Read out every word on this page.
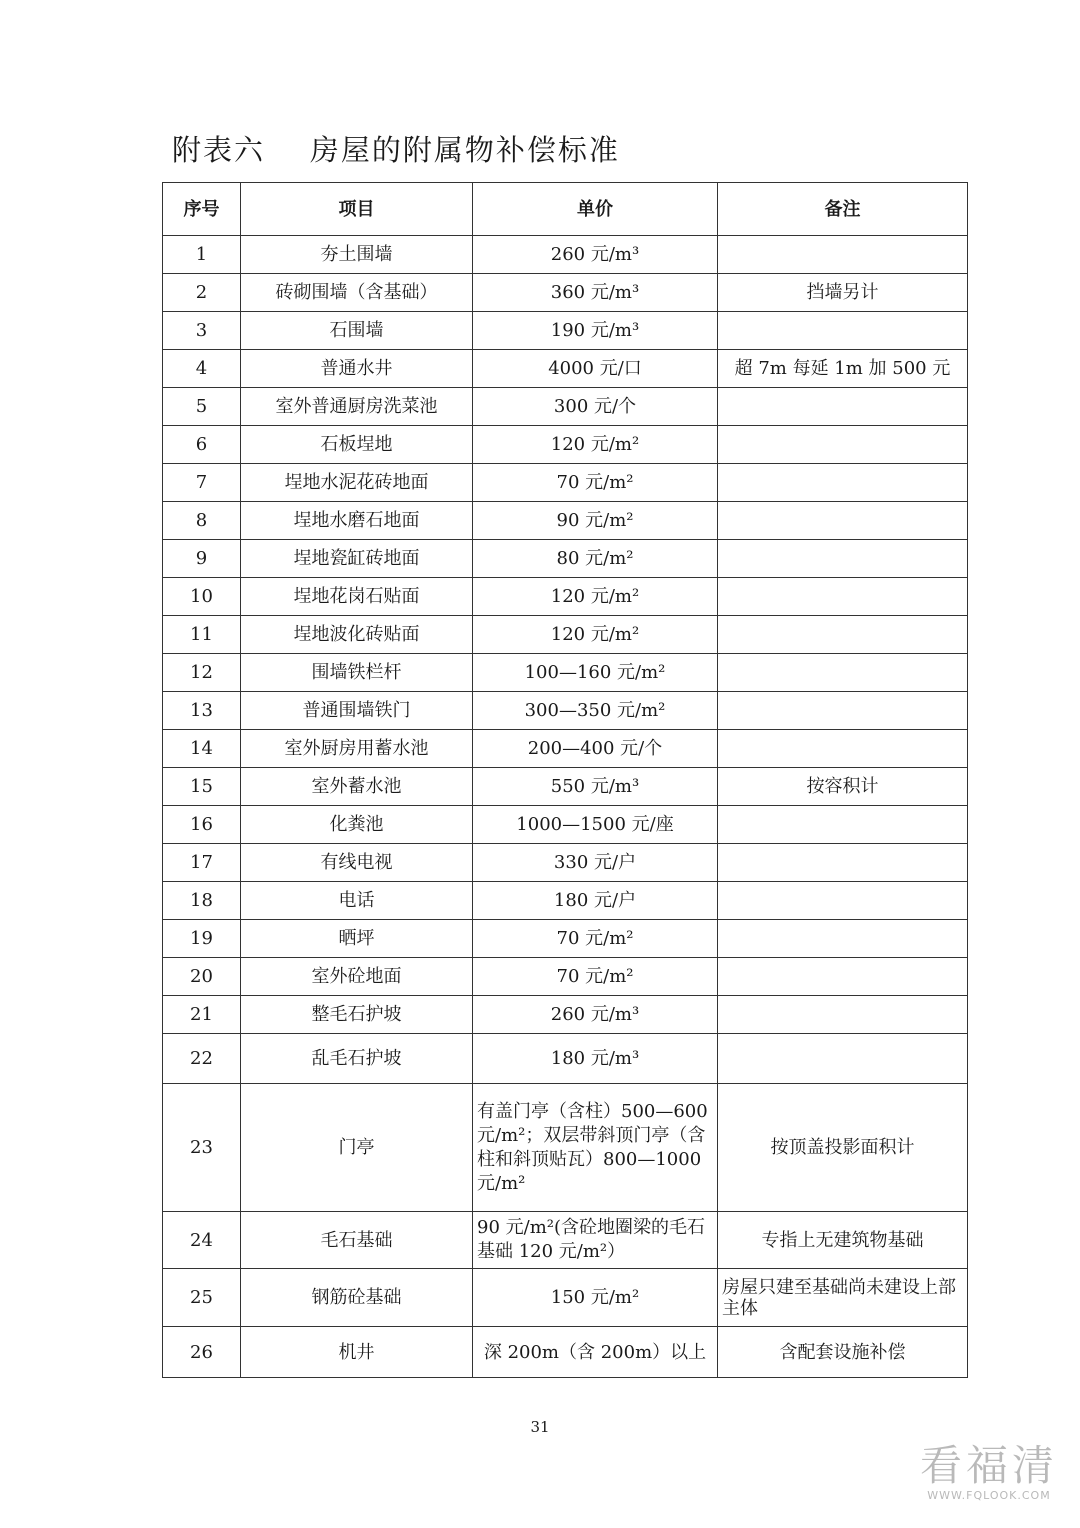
附表六    房屋的附属物补偿标准
序号	项目	单价	备注
1	夯土围墙	260 元/m³	
2	砖砌围墙（含基础）	360 元/m³	挡墙另计
3	石围墙	190 元/m³	
4	普通水井	4000 元/口	超 7m 每延 1m 加 500 元
5	室外普通厨房洗菜池	300 元/个	
6	石板埕地	120 元/m²	
7	埕地水泥花砖地面	70 元/m²	
8	埕地水磨石地面	90 元/m²	
9	埕地瓷缸砖地面	80 元/m²	
10	埕地花岗石贴面	120 元/m²	
11	埕地波化砖贴面	120 元/m²	
12	围墙铁栏杆	100—160 元/m²	
13	普通围墙铁门	300—350 元/m²	
14	室外厨房用蓄水池	200—400 元/个	
15	室外蓄水池	550 元/m³	按容积计
16	化粪池	1000—1500 元/座	
17	有线电视	330 元/户	
18	电话	180 元/户	
19	晒坪	70 元/m²	
20	室外砼地面	70 元/m²	
21	整毛石护坡	260 元/m³	
22	乱毛石护坡	180 元/m³	
23	门亭	有盖门亭（含柱）500—600 元/m²；双层带斜顶门亭（含柱和斜顶贴瓦）800—1000 元/m²	按顶盖投影面积计
24	毛石基础	90 元/m²(含砼地圈梁的毛石基础 120 元/m²）	专指上无建筑物基础
25	钢筋砼基础	150 元/m²	房屋只建至基础尚未建设上部主体
26	机井	深 200m（含 200m）以上	含配套设施补偿
31
看福清
WWW.FQLOOK.COM
